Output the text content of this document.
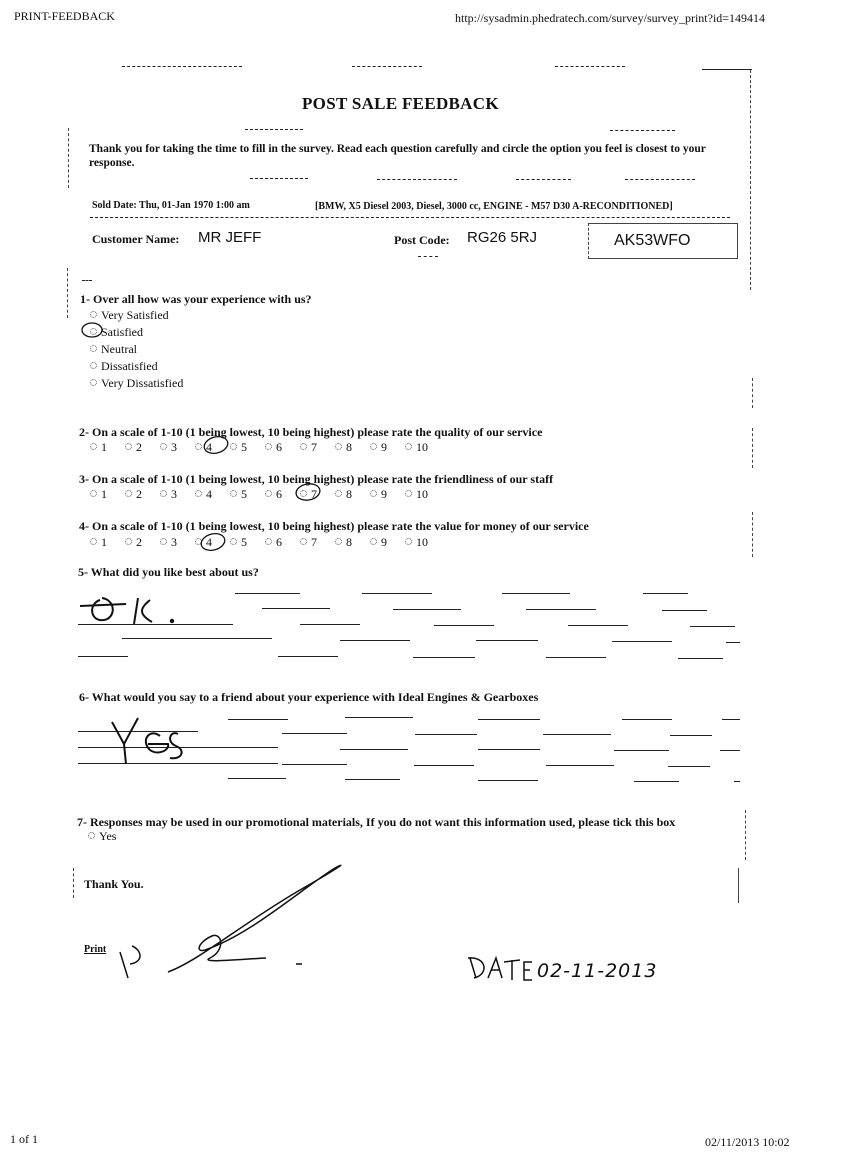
PRINT-FEEDBACK	http://sysadmin.phedratech.com/survey/survey_print?id=149414
POST SALE FEEDBACK
Thank you for taking the time to fill in the survey. Read each question carefully and circle the option you feel is closest to your response.
Sold Date: Thu, 01-Jan 1970 1:00 am	[BMW, X5 Diesel 2003, Diesel, 3000 cc, ENGINE - M57 D30 A-RECONDITIONED]
Customer Name: MR JEFF	Post Code: RG26 5RJ	AK53WFO
1- Over all how was your experience with us?
Very Satisfied
Satisfied
Neutral
Dissatisfied
Very Dissatisfied
2- On a scale of 1-10 (1 being lowest, 10 being highest) please rate the quality of our service
1 2 3 4 5 6 7 8 9 10
3- On a scale of 1-10 (1 being lowest, 10 being highest) please rate the friendliness of our staff
1 2 3 4 5 6 7 8 9 10
4- On a scale of 1-10 (1 being lowest, 10 being highest) please rate the value for money of our service
1 2 3 4 5 6 7 8 9 10
5- What did you like best about us?
6- What would you say to a friend about your experience with Ideal Engines & Gearboxes
7- Responses may be used in our promotional materials, If you do not want this information used, please tick this box
Yes
Thank You.
Print
02-11-2013
1 of 1	02/11/2013 10:02
